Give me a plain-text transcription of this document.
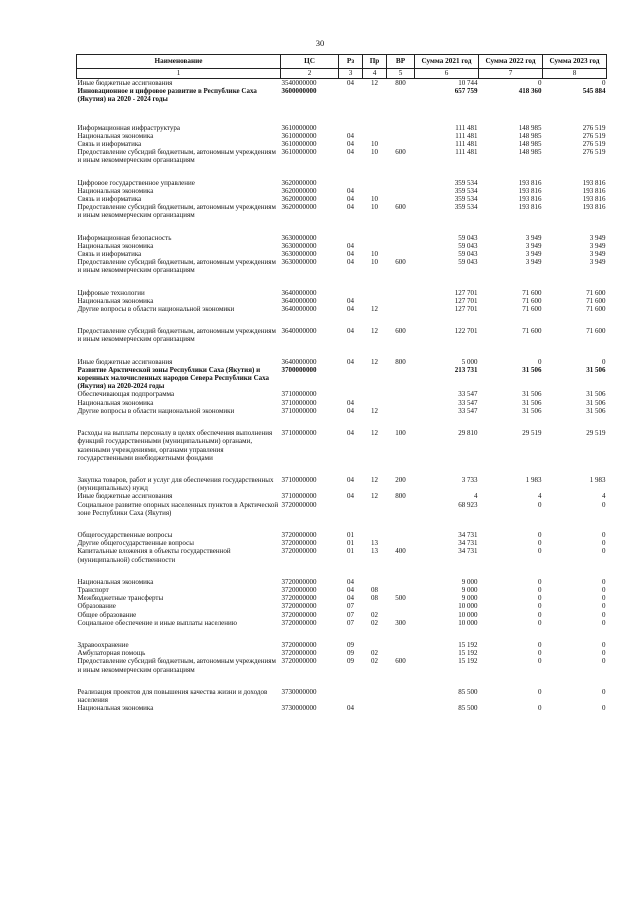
30
Наименование	ЦС	Рз	Пр	ВР	Сумма 2021 год	Сумма 2022 год	Сумма 2023 год
1	2	3	4	5	6	7	8
Иные бюджетные ассигнования	3540000000	04	12	800	10 744	0	0
Инновационное и цифровое развитие в Республике Саха (Якутия) на 2020 - 2024 годы	3600000000				657 759	418 360	545 884

Информационная инфраструктура	3610000000				111 481	148 985	276 519
Национальная экономика	3610000000	04			111 481	148 985	276 519
Связь и информатика	3610000000	04	10		111 481	148 985	276 519
Предоставление субсидий бюджетным, автономным учреждениям и иным некоммерческим организациям	3610000000	04	10	600	111 481	148 985	276 519

Цифровое государственное управление	3620000000				359 534	193 816	193 816
Национальная экономика	3620000000	04			359 534	193 816	193 816
Связь и информатика	3620000000	04	10		359 534	193 816	193 816
Предоставление субсидий бюджетным, автономным учреждениям и иным некоммерческим организациям	3620000000	04	10	600	359 534	193 816	193 816

Информационная безопасность	3630000000				59 043	3 949	3 949
Национальная экономика	3630000000	04			59 043	3 949	3 949
Связь и информатика	3630000000	04	10		59 043	3 949	3 949
Предоставление субсидий бюджетным, автономным учреждениям и иным некоммерческим организациям	3630000000	04	10	600	59 043	3 949	3 949

Цифровые технологии	3640000000				127 701	71 600	71 600
Национальная экономика	3640000000	04			127 701	71 600	71 600
Другие вопросы в области национальной экономики	3640000000	04	12		127 701	71 600	71 600

Предоставление субсидий бюджетным, автономным учреждениям и иным некоммерческим организациям	3640000000	04	12	600	122 701	71 600	71 600

Иные бюджетные ассигнования	3640000000	04	12	800	5 000	0	0
Развитие Арктической зоны Республики Саха (Якутия) и коренных малочисленных народов Севера Республики Саха (Якутия) на 2020-2024 годы	3700000000				213 731	31 506	31 506
Обеспечивающая подпрограмма	3710000000				33 547	31 506	31 506
Национальная экономика	3710000000	04			33 547	31 506	31 506
Другие вопросы в области национальной экономики	3710000000	04	12		33 547	31 506	31 506

Расходы на выплаты персоналу в целях обеспечения выполнения функций государственными (муниципальными) органами, казенными учреждениями, органами управления государственными внебюджетными фондами	3710000000	04	12	100	29 810	29 519	29 519

Закупка товаров, работ и услуг для обеспечения государственных (муниципальных) нужд	3710000000	04	12	200	3 733	1 983	1 983
Иные бюджетные ассигнования	3710000000	04	12	800	4	4	4
Социальное развитие опорных населенных пунктов в Арктической зоне Республики Саха (Якутия)	3720000000				68 923	0	0

Общегосударственные вопросы	3720000000	01			34 731	0	0
Другие общегосударственные вопросы	3720000000	01	13		34 731	0	0
Капитальные вложения в объекты государственной (муниципальной) собственности	3720000000	01	13	400	34 731	0	0

Национальная экономика	3720000000	04			9 000	0	0
Транспорт	3720000000	04	08		9 000	0	0
Межбюджетные трансферты	3720000000	04	08	500	9 000	0	0
Образование	3720000000	07			10 000	0	0
Общее образование	3720000000	07	02		10 000	0	0
Социальное обеспечение и иные выплаты населению	3720000000	07	02	300	10 000	0	0

Здравоохранение	3720000000	09			15 192	0	0
Амбулаторная помощь	3720000000	09	02		15 192	0	0
Предоставление субсидий бюджетным, автономным учреждениям и иным некоммерческим организациям	3720000000	09	02	600	15 192	0	0

Реализация проектов для повышения качества жизни и доходов населения	3730000000				85 500	0	0
Национальная экономика	3730000000	04			85 500	0	0
